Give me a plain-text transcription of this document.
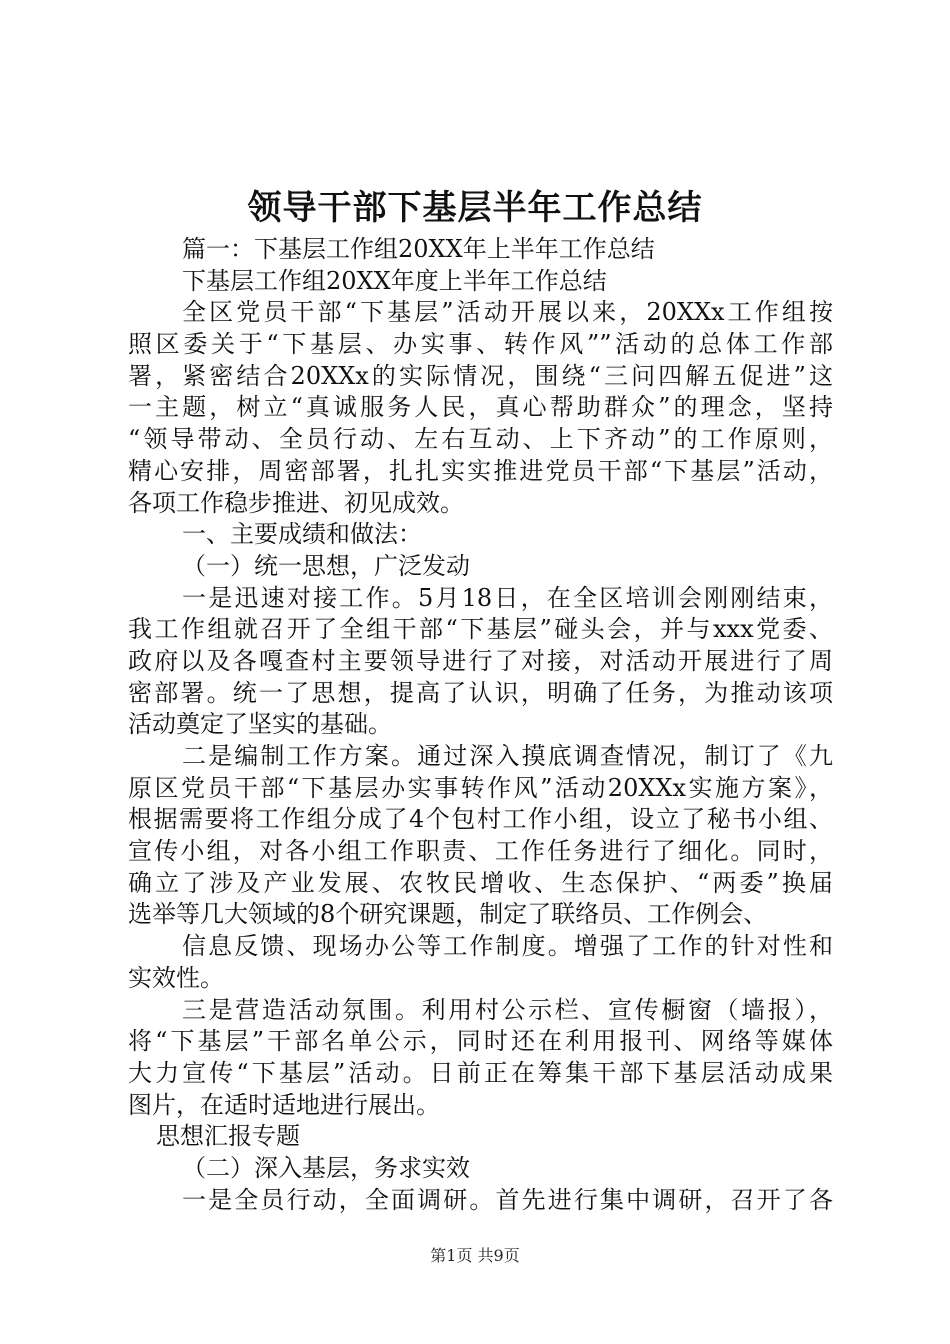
领导干部下基层半年工作总结
篇一：下基层工作组20XX年上半年工作总结
下基层工作组20XX年度上半年工作总结
全区党员干部“下基层”活动开展以来，20XXx工作组按
照区委关于“下基层、办实事、转作风””活动的总体工作部
署，紧密结合20XXx的实际情况，围绕“三问四解五促进”这
一主题，树立“真诚服务人民，真心帮助群众”的理念，坚持
“领导带动、全员行动、左右互动、上下齐动”的工作原则，
精心安排，周密部署，扎扎实实推进党员干部“下基层”活动，
各项工作稳步推进、初见成效。
一、主要成绩和做法：
（一）统一思想，广泛发动
一是迅速对接工作。5月18日，在全区培训会刚刚结束，
我工作组就召开了全组干部“下基层”碰头会，并与xxx党委、
政府以及各嘎查村主要领导进行了对接，对活动开展进行了周
密部署。统一了思想，提高了认识，明确了任务，为推动该项
活动奠定了坚实的基础。
二是编制工作方案。通过深入摸底调查情况，制订了《九
原区党员干部“下基层办实事转作风”活动20XXx实施方案》，
根据需要将工作组分成了4个包村工作小组，设立了秘书小组、
宣传小组，对各小组工作职责、工作任务进行了细化。同时，
确立了涉及产业发展、农牧民增收、生态保护、“两委”换届
选举等几大领域的8个研究课题，制定了联络员、工作例会、
信息反馈、现场办公等工作制度。增强了工作的针对性和
实效性。
三是营造活动氛围。利用村公示栏、宣传橱窗（墙报），
将“下基层”干部名单公示，同时还在利用报刊、网络等媒体
大力宣传“下基层”活动。日前正在筹集干部下基层活动成果
图片，在适时适地进行展出。
思想汇报专题
（二）深入基层，务求实效
一是全员行动，全面调研。首先进行集中调研，召开了各
第1页 共9页
